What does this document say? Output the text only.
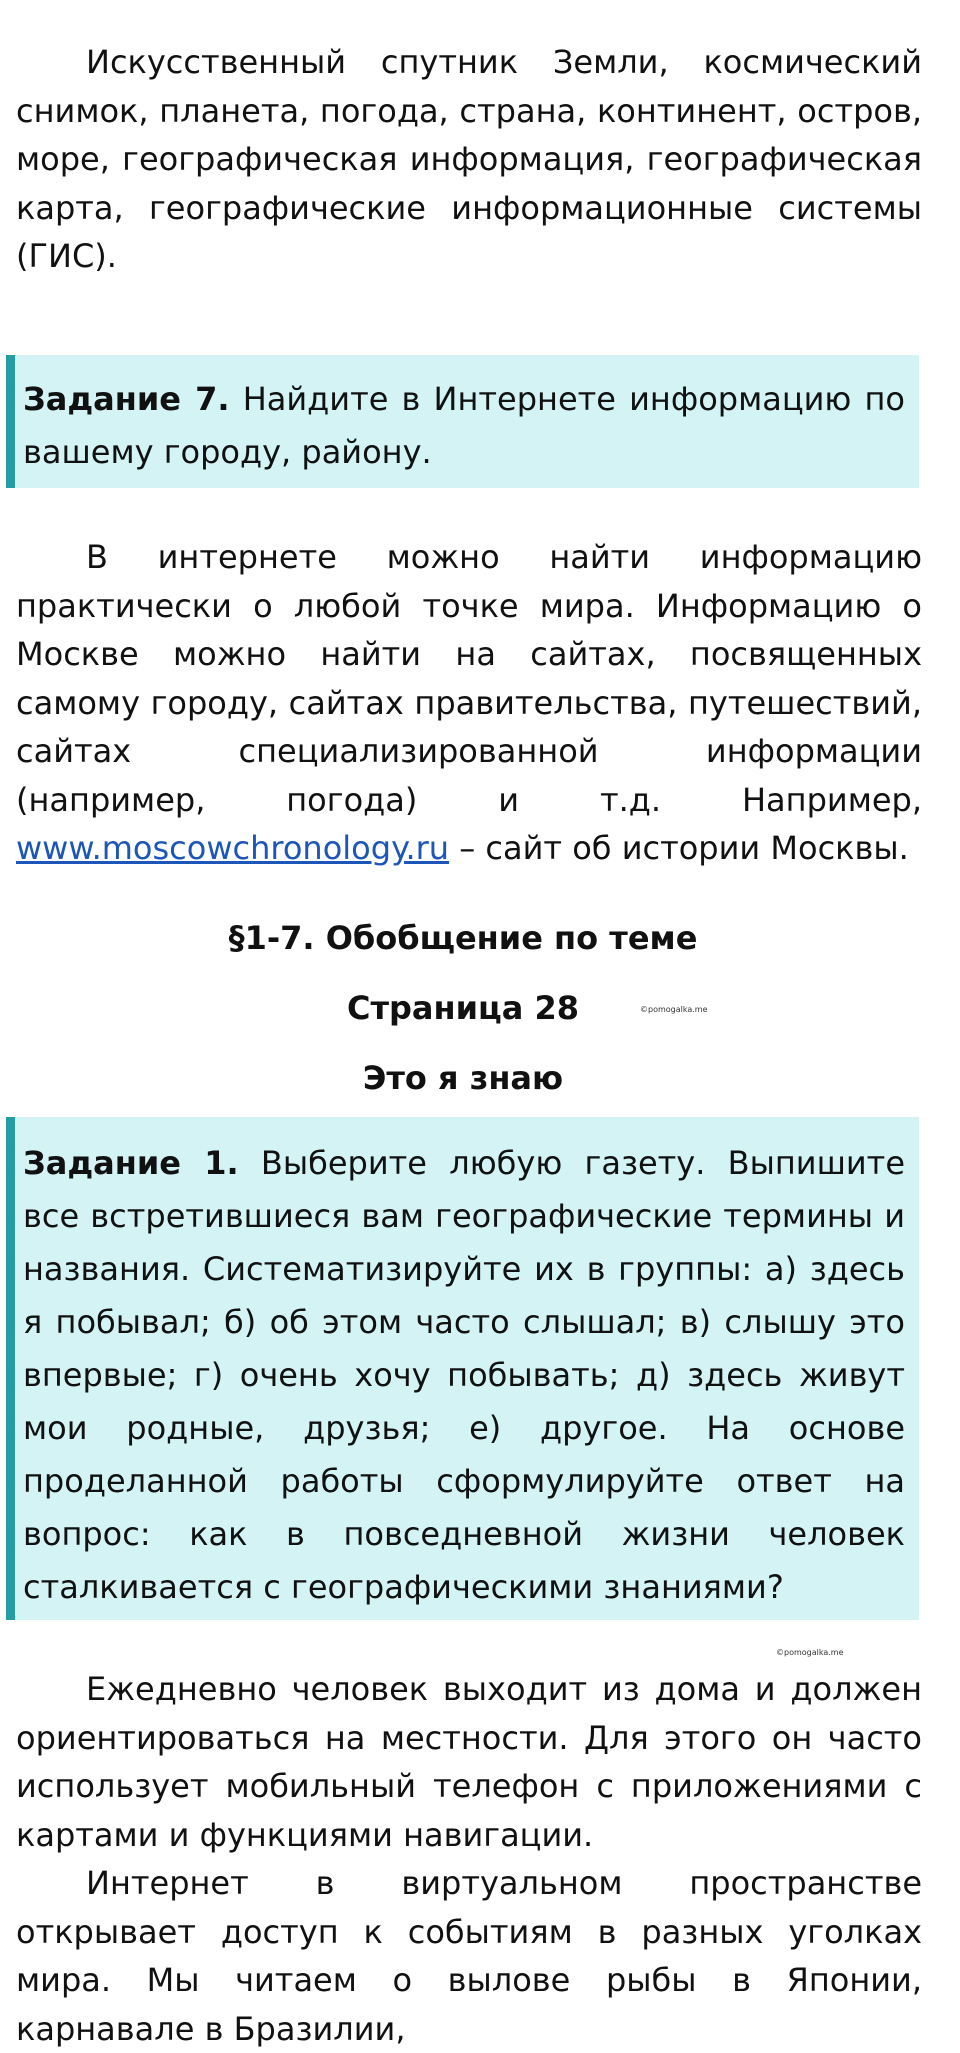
Искусственный спутник Земли, космический снимок, планета, погода, страна, континент, остров, море, географическая информация, географическая карта, географические информационные системы (ГИС).

Задание 7. Найдите в Интернете информацию по вашему городу, району.

В интернете можно найти информацию практически о любой точке мира. Информацию о Москве можно найти на сайтах, посвященных самому городу, сайтах правительства, путешествий, сайтах специализированной информации (например, погода) и т.д. Например, www.moscowchronology.ru – сайт об истории Москвы.

§1-7. Обобщение по теме

Страница 28	©pomogalka.me

Это я знаю

Задание 1. Выберите любую газету. Выпишите все встретившиеся вам географические термины и названия. Систематизируйте их в группы: а) здесь я побывал; б) об этом часто слышал; в) слышу это впервые; г) очень хочу побывать; д) здесь живут мои родные, друзья; е) другое. На основе проделанной работы сформулируйте ответ на вопрос: как в повседневной жизни человек сталкивается с географическими знаниями?

©pomogalka.me

Ежедневно человек выходит из дома и должен ориентироваться на местности. Для этого он часто использует мобильный телефон с приложениями с картами и функциями навигации.

Интернет в виртуальном пространстве открывает доступ к событиям в разных уголках мира. Мы читаем о вылове рыбы в Японии, карнавале в Бразилии,
